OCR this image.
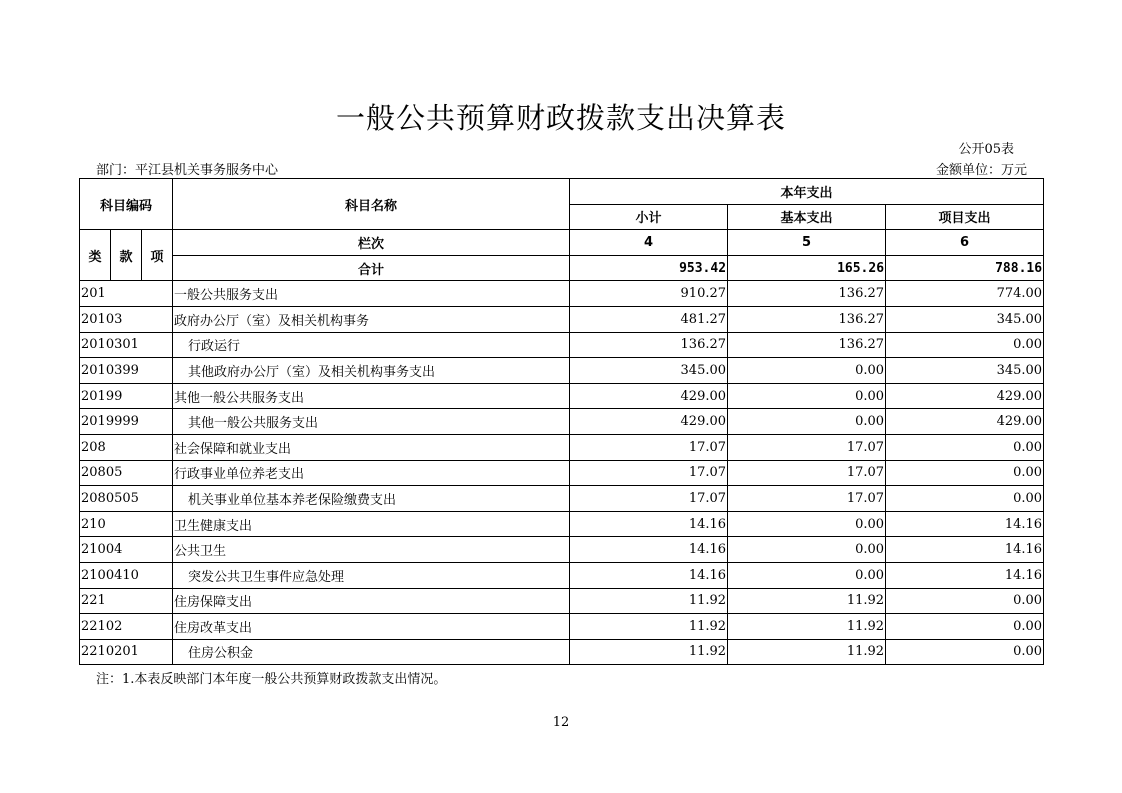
一般公共预算财政拨款支出决算表
公开05表
部门：平江县机关事务服务中心	金额单位：万元
科目编码			科目名称	本年支出		
				小计	基本支出	项目支出
类	款	项	栏次	4	5	6
			合计	953.42	165.26	788.16
201			一般公共服务支出	910.27	136.27	774.00
20103			政府办公厅（室）及相关机构事务	481.27	136.27	345.00
2010301			行政运行	136.27	136.27	0.00
2010399			其他政府办公厅（室）及相关机构事务支出	345.00	0.00	345.00
20199			其他一般公共服务支出	429.00	0.00	429.00
2019999			其他一般公共服务支出	429.00	0.00	429.00
208			社会保障和就业支出	17.07	17.07	0.00
20805			行政事业单位养老支出	17.07	17.07	0.00
2080505			机关事业单位基本养老保险缴费支出	17.07	17.07	0.00
210			卫生健康支出	14.16	0.00	14.16
21004			公共卫生	14.16	0.00	14.16
2100410			突发公共卫生事件应急处理	14.16	0.00	14.16
221			住房保障支出	11.92	11.92	0.00
22102			住房改革支出	11.92	11.92	0.00
2210201			住房公积金	11.92	11.92	0.00
注：1.本表反映部门本年度一般公共预算财政拨款支出情况。
12
